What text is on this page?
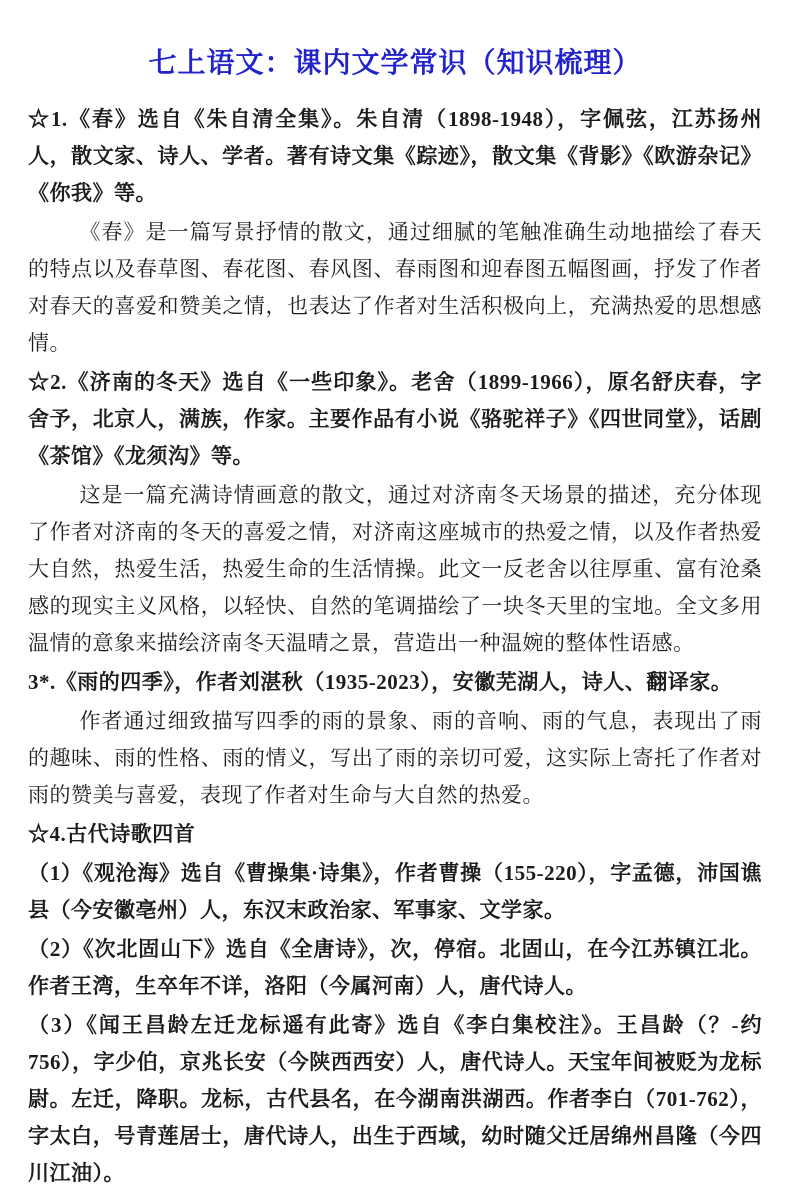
七上语文：课内文学常识（知识梳理）

☆1.《春》选自《朱自清全集》。朱自清（1898-1948），字佩弦，江苏扬州人，散文家、诗人、学者。著有诗文集《踪迹》，散文集《背影》《欧游杂记》《你我》等。

《春》是一篇写景抒情的散文，通过细腻的笔触准确生动地描绘了春天的特点以及春草图、春花图、春风图、春雨图和迎春图五幅图画，抒发了作者对春天的喜爱和赞美之情，也表达了作者对生活积极向上，充满热爱的思想感情。

☆2.《济南的冬天》选自《一些印象》。老舍（1899-1966），原名舒庆春，字舍予，北京人，满族，作家。主要作品有小说《骆驼祥子》《四世同堂》，话剧《茶馆》《龙须沟》等。

这是一篇充满诗情画意的散文，通过对济南冬天场景的描述，充分体现了作者对济南的冬天的喜爱之情，对济南这座城市的热爱之情，以及作者热爱大自然，热爱生活，热爱生命的生活情操。此文一反老舍以往厚重、富有沧桑感的现实主义风格，以轻快、自然的笔调描绘了一块冬天里的宝地。全文多用温情的意象来描绘济南冬天温晴之景，营造出一种温婉的整体性语感。

3*.《雨的四季》，作者刘湛秋（1935-2023），安徽芜湖人，诗人、翻译家。

作者通过细致描写四季的雨的景象、雨的音响、雨的气息，表现出了雨的趣味、雨的性格、雨的情义，写出了雨的亲切可爱，这实际上寄托了作者对雨的赞美与喜爱，表现了作者对生命与大自然的热爱。

☆4.古代诗歌四首

（1）《观沧海》选自《曹操集·诗集》，作者曹操（155-220），字孟德，沛国谯县（今安徽亳州）人，东汉末政治家、军事家、文学家。

（2）《次北固山下》选自《全唐诗》，次，停宿。北固山，在今江苏镇江北。作者王湾，生卒年不详，洛阳（今属河南）人，唐代诗人。

（3）《闻王昌龄左迁龙标遥有此寄》选自《李白集校注》。王昌龄（？-约756），字少伯，京兆长安（今陕西西安）人，唐代诗人。天宝年间被贬为龙标尉。左迁，降职。龙标，古代县名，在今湖南洪湖西。作者李白（701-762），字太白，号青莲居士，唐代诗人，出生于西域，幼时随父迁居绵州昌隆（今四川江油）。
